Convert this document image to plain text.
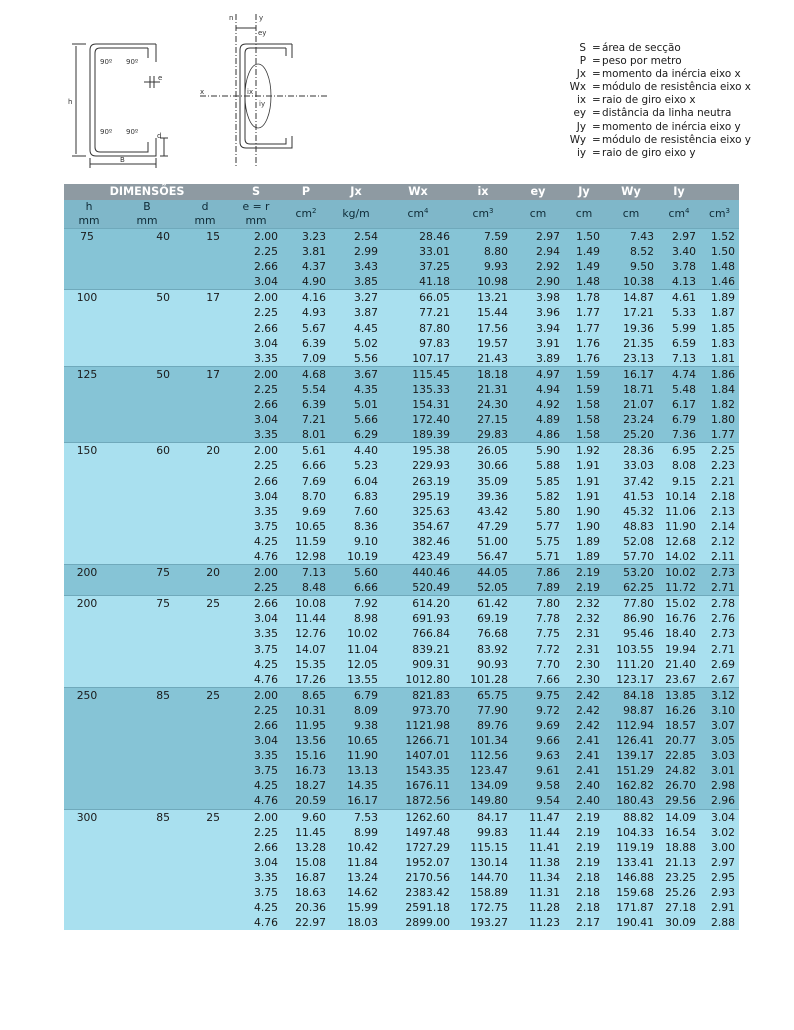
90º 90º
90º 90º
h
B
d
e
n	y
x
ey
ix
iy
S = área de secção
P = peso por metro
Jx = momento da inércia eixo x
Wx = módulo de resistência eixo x
ix = raio de giro eixo x
ey = distância da linha neutra
Jy = momento de inércia eixo y
Wy = módulo de resistência eixo y
iy = raio de giro eixo y
DIMENSÕES			S	P	Jx	Wx	ix	ey	Jy	Wy	Iy	
h	B	d	e = r	$cm^2$	kg/m	$cm^4$	$cm^3$	cm	cm	cm	$cm^4$	$cm^3$
mm	mm	mm	mm									
75	40	15	2.00	3.23	2.54	28.46	7.59	2.97	1.50	7.43	2.97	1.52
			2.25	3.81	2.99	33.01	8.80	2.94	1.49	8.52	3.40	1.50
			2.66	4.37	3.43	37.25	9.93	2.92	1.49	9.50	3.78	1.48
			3.04	4.90	3.85	41.18	10.98	2.90	1.48	10.38	4.13	1.46
100	50	17	2.00	4.16	3.27	66.05	13.21	3.98	1.78	14.87	4.61	1.89
			2.25	4.93	3.87	77.21	15.44	3.96	1.77	17.21	5.33	1.87
			2.66	5.67	4.45	87.80	17.56	3.94	1.77	19.36	5.99	1.85
			3.04	6.39	5.02	97.83	19.57	3.91	1.76	21.35	6.59	1.83
			3.35	7.09	5.56	107.17	21.43	3.89	1.76	23.13	7.13	1.81
125	50	17	2.00	4.68	3.67	115.45	18.18	4.97	1.59	16.17	4.74	1.86
			2.25	5.54	4.35	135.33	21.31	4.94	1.59	18.71	5.48	1.84
			2.66	6.39	5.01	154.31	24.30	4.92	1.58	21.07	6.17	1.82
			3.04	7.21	5.66	172.40	27.15	4.89	1.58	23.24	6.79	1.80
			3.35	8.01	6.29	189.39	29.83	4.86	1.58	25.20	7.36	1.77
150	60	20	2.00	5.61	4.40	195.38	26.05	5.90	1.92	28.36	6.95	2.25
			2.25	6.66	5.23	229.93	30.66	5.88	1.91	33.03	8.08	2.23
			2.66	7.69	6.04	263.19	35.09	5.85	1.91	37.42	9.15	2.21
			3.04	8.70	6.83	295.19	39.36	5.82	1.91	41.53	10.14	2.18
			3.35	9.69	7.60	325.63	43.42	5.80	1.90	45.32	11.06	2.13
			3.75	10.65	8.36	354.67	47.29	5.77	1.90	48.83	11.90	2.14
			4.25	11.59	9.10	382.46	51.00	5.75	1.89	52.08	12.68	2.12
			4.76	12.98	10.19	423.49	56.47	5.71	1.89	57.70	14.02	2.11
200	75	20	2.00	7.13	5.60	440.46	44.05	7.86	2.19	53.20	10.02	2.73
			2.25	8.48	6.66	520.49	52.05	7.89	2.19	62.25	11.72	2.71
200	75	25	2.66	10.08	7.92	614.20	61.42	7.80	2.32	77.80	15.02	2.78
			3.04	11.44	8.98	691.93	69.19	7.78	2.32	86.90	16.76	2.76
			3.35	12.76	10.02	766.84	76.68	7.75	2.31	95.46	18.40	2.73
			3.75	14.07	11.04	839.21	83.92	7.72	2.31	103.55	19.94	2.71
			4.25	15.35	12.05	909.31	90.93	7.70	2.30	111.20	21.40	2.69
			4.76	17.26	13.55	1012.80	101.28	7.66	2.30	123.17	23.67	2.67
250	85	25	2.00	8.65	6.79	821.83	65.75	9.75	2.42	84.18	13.85	3.12
			2.25	10.31	8.09	973.70	77.90	9.72	2.42	98.87	16.26	3.10
			2.66	11.95	9.38	1121.98	89.76	9.69	2.42	112.94	18.57	3.07
			3.04	13.56	10.65	1266.71	101.34	9.66	2.41	126.41	20.77	3.05
			3.35	15.16	11.90	1407.01	112.56	9.63	2.41	139.17	22.85	3.03
			3.75	16.73	13.13	1543.35	123.47	9.61	2.41	151.29	24.82	3.01
			4.25	18.27	14.35	1676.11	134.09	9.58	2.40	162.82	26.70	2.98
			4.76	20.59	16.17	1872.56	149.80	9.54	2.40	180.43	29.56	2.96
300	85	25	2.00	9.60	7.53	1262.60	84.17	11.47	2.19	88.82	14.09	3.04
			2.25	11.45	8.99	1497.48	99.83	11.44	2.19	104.33	16.54	3.02
			2.66	13.28	10.42	1727.29	115.15	11.41	2.19	119.19	18.88	3.00
			3.04	15.08	11.84	1952.07	130.14	11.38	2.19	133.41	21.13	2.97
			3.35	16.87	13.24	2170.56	144.70	11.34	2.18	146.88	23.25	2.95
			3.75	18.63	14.62	2383.42	158.89	11.31	2.18	159.68	25.26	2.93
			4.25	20.36	15.99	2591.18	172.75	11.28	2.18	171.87	27.18	2.91
			4.76	22.97	18.03	2899.00	193.27	11.23	2.17	190.41	30.09	2.88
